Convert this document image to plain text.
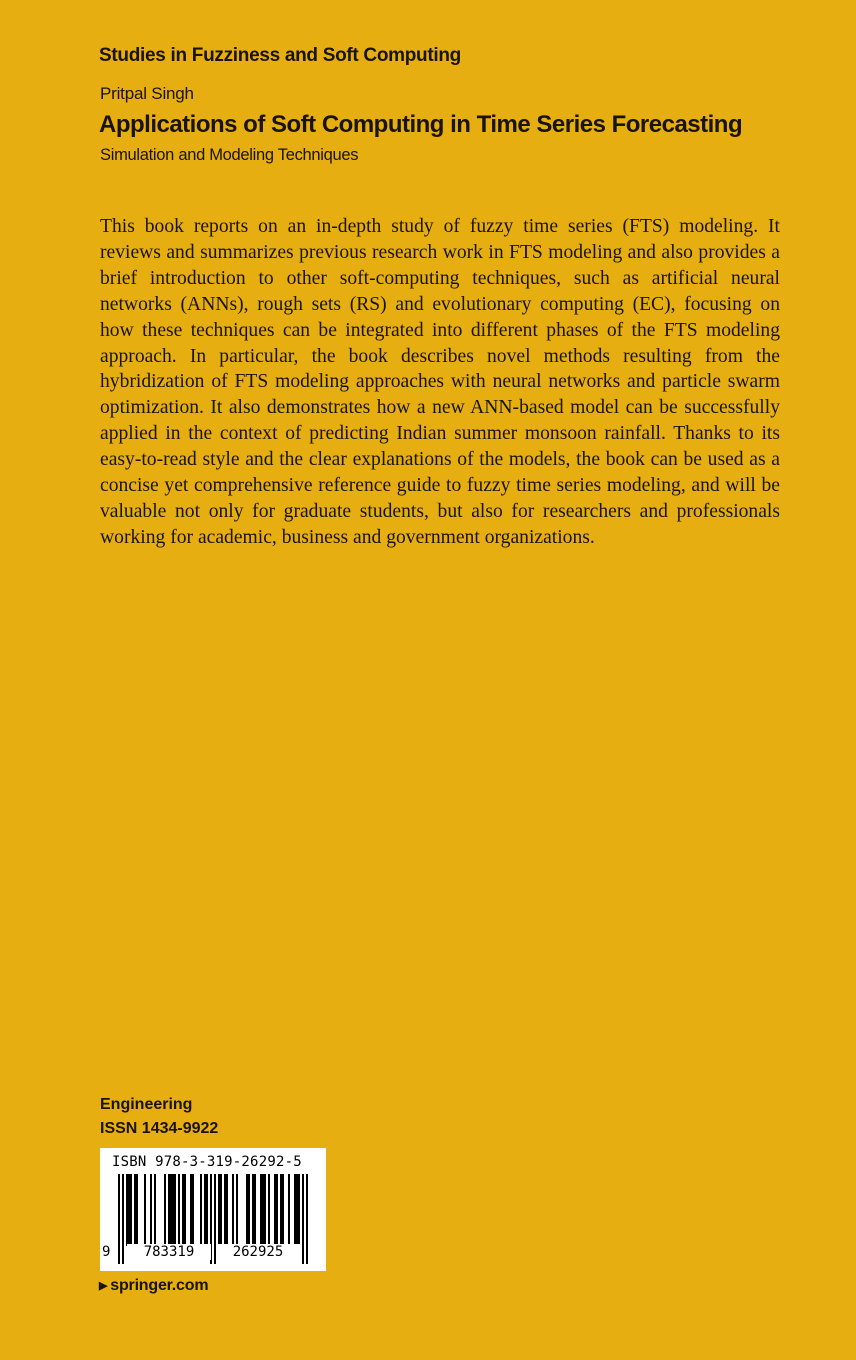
Studies in Fuzziness and Soft Computing
Pritpal Singh
Applications of Soft Computing in Time Series Forecasting
Simulation and Modeling Techniques

This book reports on an in-depth study of fuzzy time series (FTS) modeling. It reviews and summarizes previous research work in FTS modeling and also provides a brief introduction to other soft-computing techniques, such as artificial neural networks (ANNs), rough sets (RS) and evolutionary computing (EC), focusing on how these techniques can be integrated into different phases of the FTS modeling approach. In particular, the book describes novel methods resulting from the hybridization of FTS modeling approaches with neural networks and particle swarm optimization. It also demonstrates how a new ANN-based model can be successfully applied in the context of predicting Indian summer monsoon rainfall. Thanks to its easy-to-read style and the clear explanations of the models, the book can be used as a concise yet comprehensive reference guide to fuzzy time series modeling, and will be valuable not only for graduate students, but also for researchers and professionals working for academic, business and government organizations.

Engineering
ISSN 1434-9922
ISBN 978-3-319-26292-5
9	783319	262925
▶ springer.com
